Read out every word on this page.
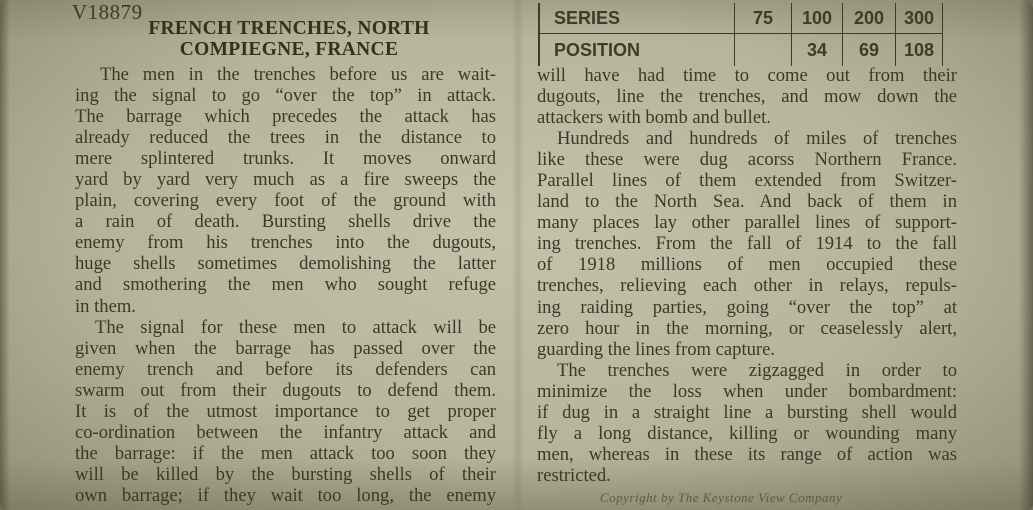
V18879
FRENCH TRENCHES, NORTH
COMPIEGNE, FRANCE
The men in the trenches before us are wait-
ing the signal to go “over the top” in attack.
The barrage which precedes the attack has
already reduced the trees in the distance to
mere splintered trunks. It moves onward
yard by yard very much as a fire sweeps the
plain, covering every foot of the ground with
a rain of death. Bursting shells drive the
enemy from his trenches into the dugouts,
huge shells sometimes demolishing the latter
and smothering the men who sought refuge
in them.
The signal for these men to attack will be
given when the barrage has passed over the
enemy trench and before its defenders can
swarm out from their dugouts to defend them.
It is of the utmost importance to get proper
co-ordination between the infantry attack and
the barrage: if the men attack too soon they
will be killed by the bursting shells of their
own barrage; if they wait too long, the enemy
SERIES	75	100	200	300
POSITION		34	69	108
will have had time to come out from their
dugouts, line the trenches, and mow down the
attackers with bomb and bullet.
Hundreds and hundreds of miles of trenches
like these were dug acorss Northern France.
Parallel lines of them extended from Switzer-
land to the North Sea. And back of them in
many places lay other parallel lines of support-
ing trenches. From the fall of 1914 to the fall
of 1918 millions of men occupied these
trenches, relieving each other in relays, repuls-
ing raiding parties, going “over the top” at
zero hour in the morning, or ceaselessly alert,
guarding the lines from capture.
The trenches were zigzagged in order to
minimize the loss when under bombardment:
if dug in a straight line a bursting shell would
fly a long distance, killing or wounding many
men, whereas in these its range of action was
restricted.
Copyright by The Keystone View Company
